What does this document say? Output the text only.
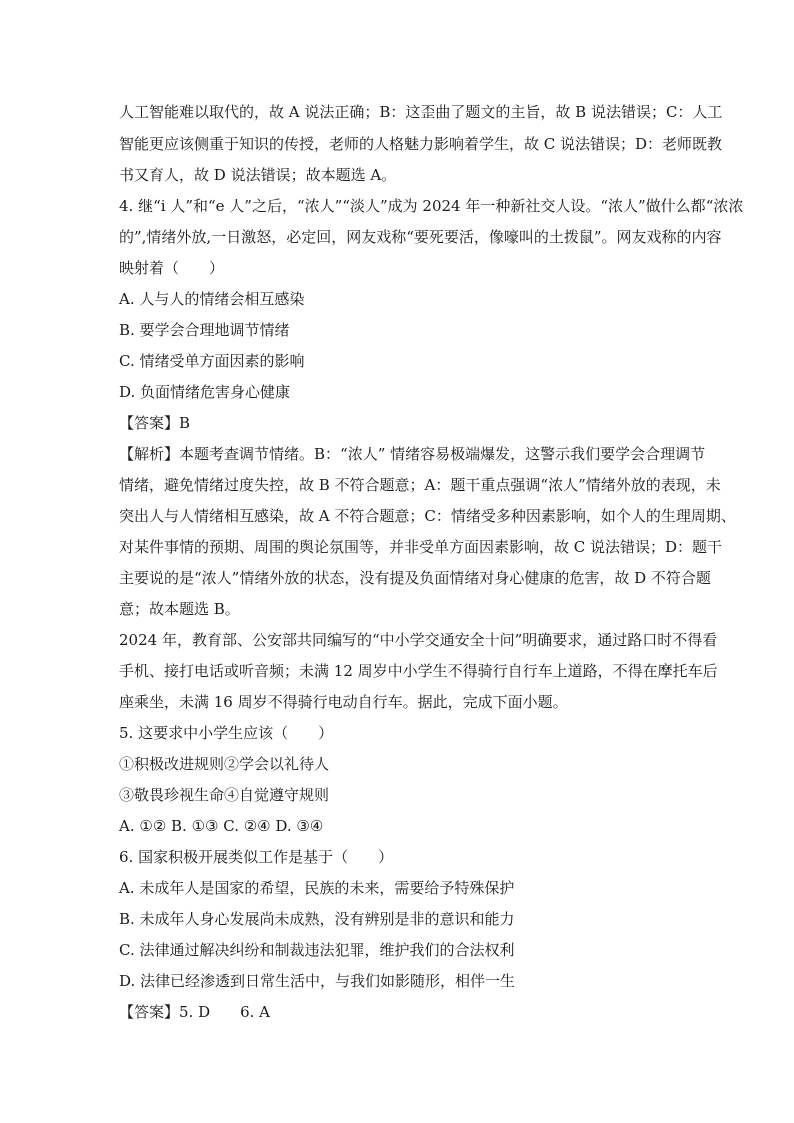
人工智能难以取代的，故 A 说法正确；B：这歪曲了题文的主旨，故 B 说法错误；C：人工
智能更应该侧重于知识的传授，老师的人格魅力影响着学生，故 C 说法错误；D：老师既教
书又育人，故 D 说法错误；故本题选 A。
4. 继“i 人”和“e 人”之后，“浓人”“淡人”成为 2024 年一种新社交人设。“浓人”做什么都“浓浓
的”,情绪外放,一日激怒，必定回，网友戏称“要死要活，像嚎叫的土拨鼠”。网友戏称的内容
映射着（　　）
A. 人与人的情绪会相互感染
B. 要学会合理地调节情绪
C. 情绪受单方面因素的影响
D. 负面情绪危害身心健康
【答案】B
【解析】本题考查调节情绪。B：“浓人” 情绪容易极端爆发，这警示我们要学会合理调节
情绪，避免情绪过度失控，故 B 不符合题意；A：题干重点强调“浓人”情绪外放的表现，未
突出人与人情绪相互感染，故 A 不符合题意；C：情绪受多种因素影响，如个人的生理周期、
对某件事情的预期、周围的舆论氛围等，并非受单方面因素影响，故 C 说法错误；D：题干
主要说的是“浓人”情绪外放的状态，没有提及负面情绪对身心健康的危害，故 D 不符合题
意；故本题选 B。
2024 年，教育部、公安部共同编写的“中小学交通安全十问”明确要求，通过路口时不得看
手机、接打电话或听音频；未满 12 周岁中小学生不得骑行自行车上道路，不得在摩托车后
座乘坐，未满 16 周岁不得骑行电动自行车。据此，完成下面小题。
5. 这要求中小学生应该（　　）
①积极改进规则②学会以礼待人
③敬畏珍视生命④自觉遵守规则
A. ①② B. ①③ C. ②④ D. ③④
6. 国家积极开展类似工作是基于（　　）
A. 未成年人是国家的希望，民族的未来，需要给予特殊保护
B. 未成年人身心发展尚未成熟，没有辨别是非的意识和能力
C. 法律通过解决纠纷和制裁违法犯罪，维护我们的合法权利
D. 法律已经渗透到日常生活中，与我们如影随形，相伴一生
【答案】5. D　　6. A
